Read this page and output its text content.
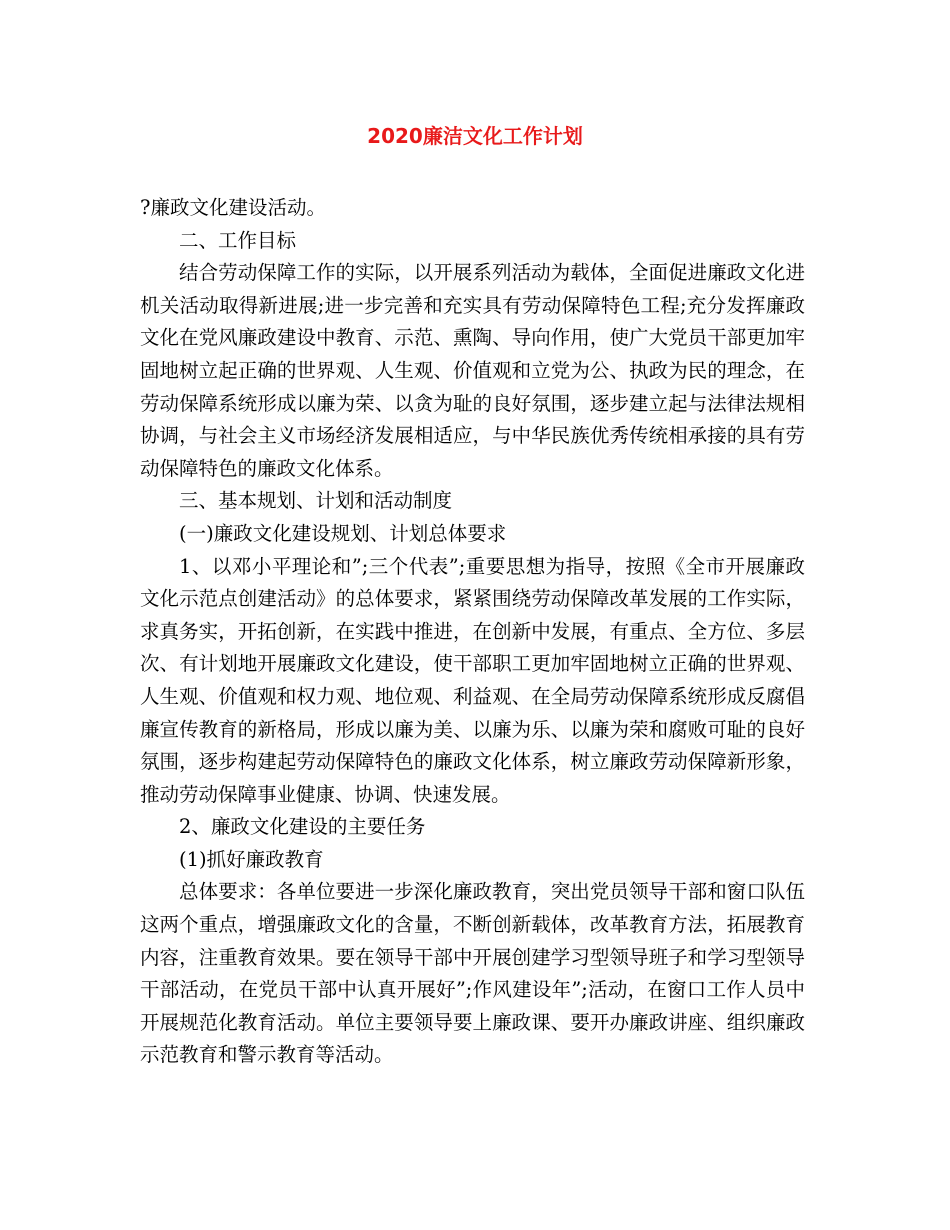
2020廉洁文化工作计划

?廉政文化建设活动。

二、工作目标

结合劳动保障工作的实际，以开展系列活动为载体，全面促进廉政文化进机关活动取得新进展;进一步完善和充实具有劳动保障特色工程;充分发挥廉政文化在党风廉政建设中教育、示范、熏陶、导向作用，使广大党员干部更加牢固地树立起正确的世界观、人生观、价值观和立党为公、执政为民的理念，在劳动保障系统形成以廉为荣、以贪为耻的良好氛围，逐步建立起与法律法规相协调，与社会主义市场经济发展相适应，与中华民族优秀传统相承接的具有劳动保障特色的廉政文化体系。

三、基本规划、计划和活动制度

(一)廉政文化建设规划、计划总体要求

1、以邓小平理论和”;三个代表”;重要思想为指导，按照《全市开展廉政文化示范点创建活动》的总体要求，紧紧围绕劳动保障改革发展的工作实际，求真务实，开拓创新，在实践中推进，在创新中发展，有重点、全方位、多层次、有计划地开展廉政文化建设，使干部职工更加牢固地树立正确的世界观、人生观、价值观和权力观、地位观、利益观、在全局劳动保障系统形成反腐倡廉宣传教育的新格局，形成以廉为美、以廉为乐、以廉为荣和腐败可耻的良好氛围，逐步构建起劳动保障特色的廉政文化体系，树立廉政劳动保障新形象，推动劳动保障事业健康、协调、快速发展。

2、廉政文化建设的主要任务

(1)抓好廉政教育

总体要求：各单位要进一步深化廉政教育，突出党员领导干部和窗口队伍这两个重点，增强廉政文化的含量，不断创新载体，改革教育方法，拓展教育内容，注重教育效果。要在领导干部中开展创建学习型领导班子和学习型领导干部活动，在党员干部中认真开展好”;作风建设年”;活动，在窗口工作人员中开展规范化教育活动。单位主要领导要上廉政课、要开办廉政讲座、组织廉政示范教育和警示教育等活动。
